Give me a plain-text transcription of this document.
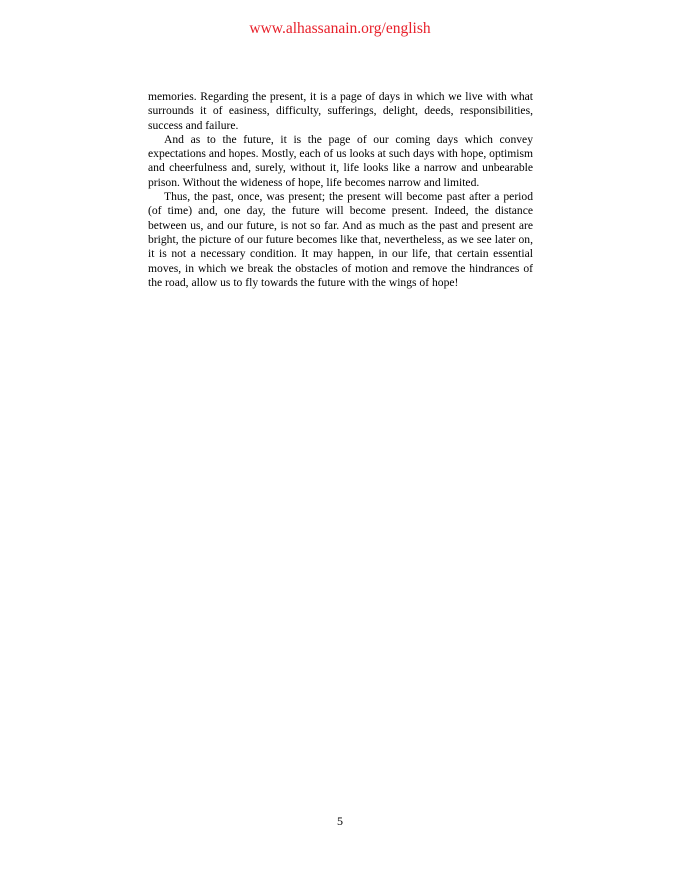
www.alhassanain.org/english

memories. Regarding the present, it is a page of days in which we live with what surrounds it of easiness, difficulty, sufferings, delight, deeds, responsibilities, success and failure.

And as to the future, it is the page of our coming days which convey expectations and hopes. Mostly, each of us looks at such days with hope, optimism and cheerfulness and, surely, without it, life looks like a narrow and unbearable prison. Without the wideness of hope, life becomes narrow and limited.

Thus, the past, once, was present; the present will become past after a period (of time) and, one day, the future will become present. Indeed, the distance between us, and our future, is not so far. And as much as the past and present are bright, the picture of our future becomes like that, nevertheless, as we see later on, it is not a necessary condition. It may happen, in our life, that certain essential moves, in which we break the obstacles of motion and remove the hindrances of the road, allow us to fly towards the future with the wings of hope!

5
